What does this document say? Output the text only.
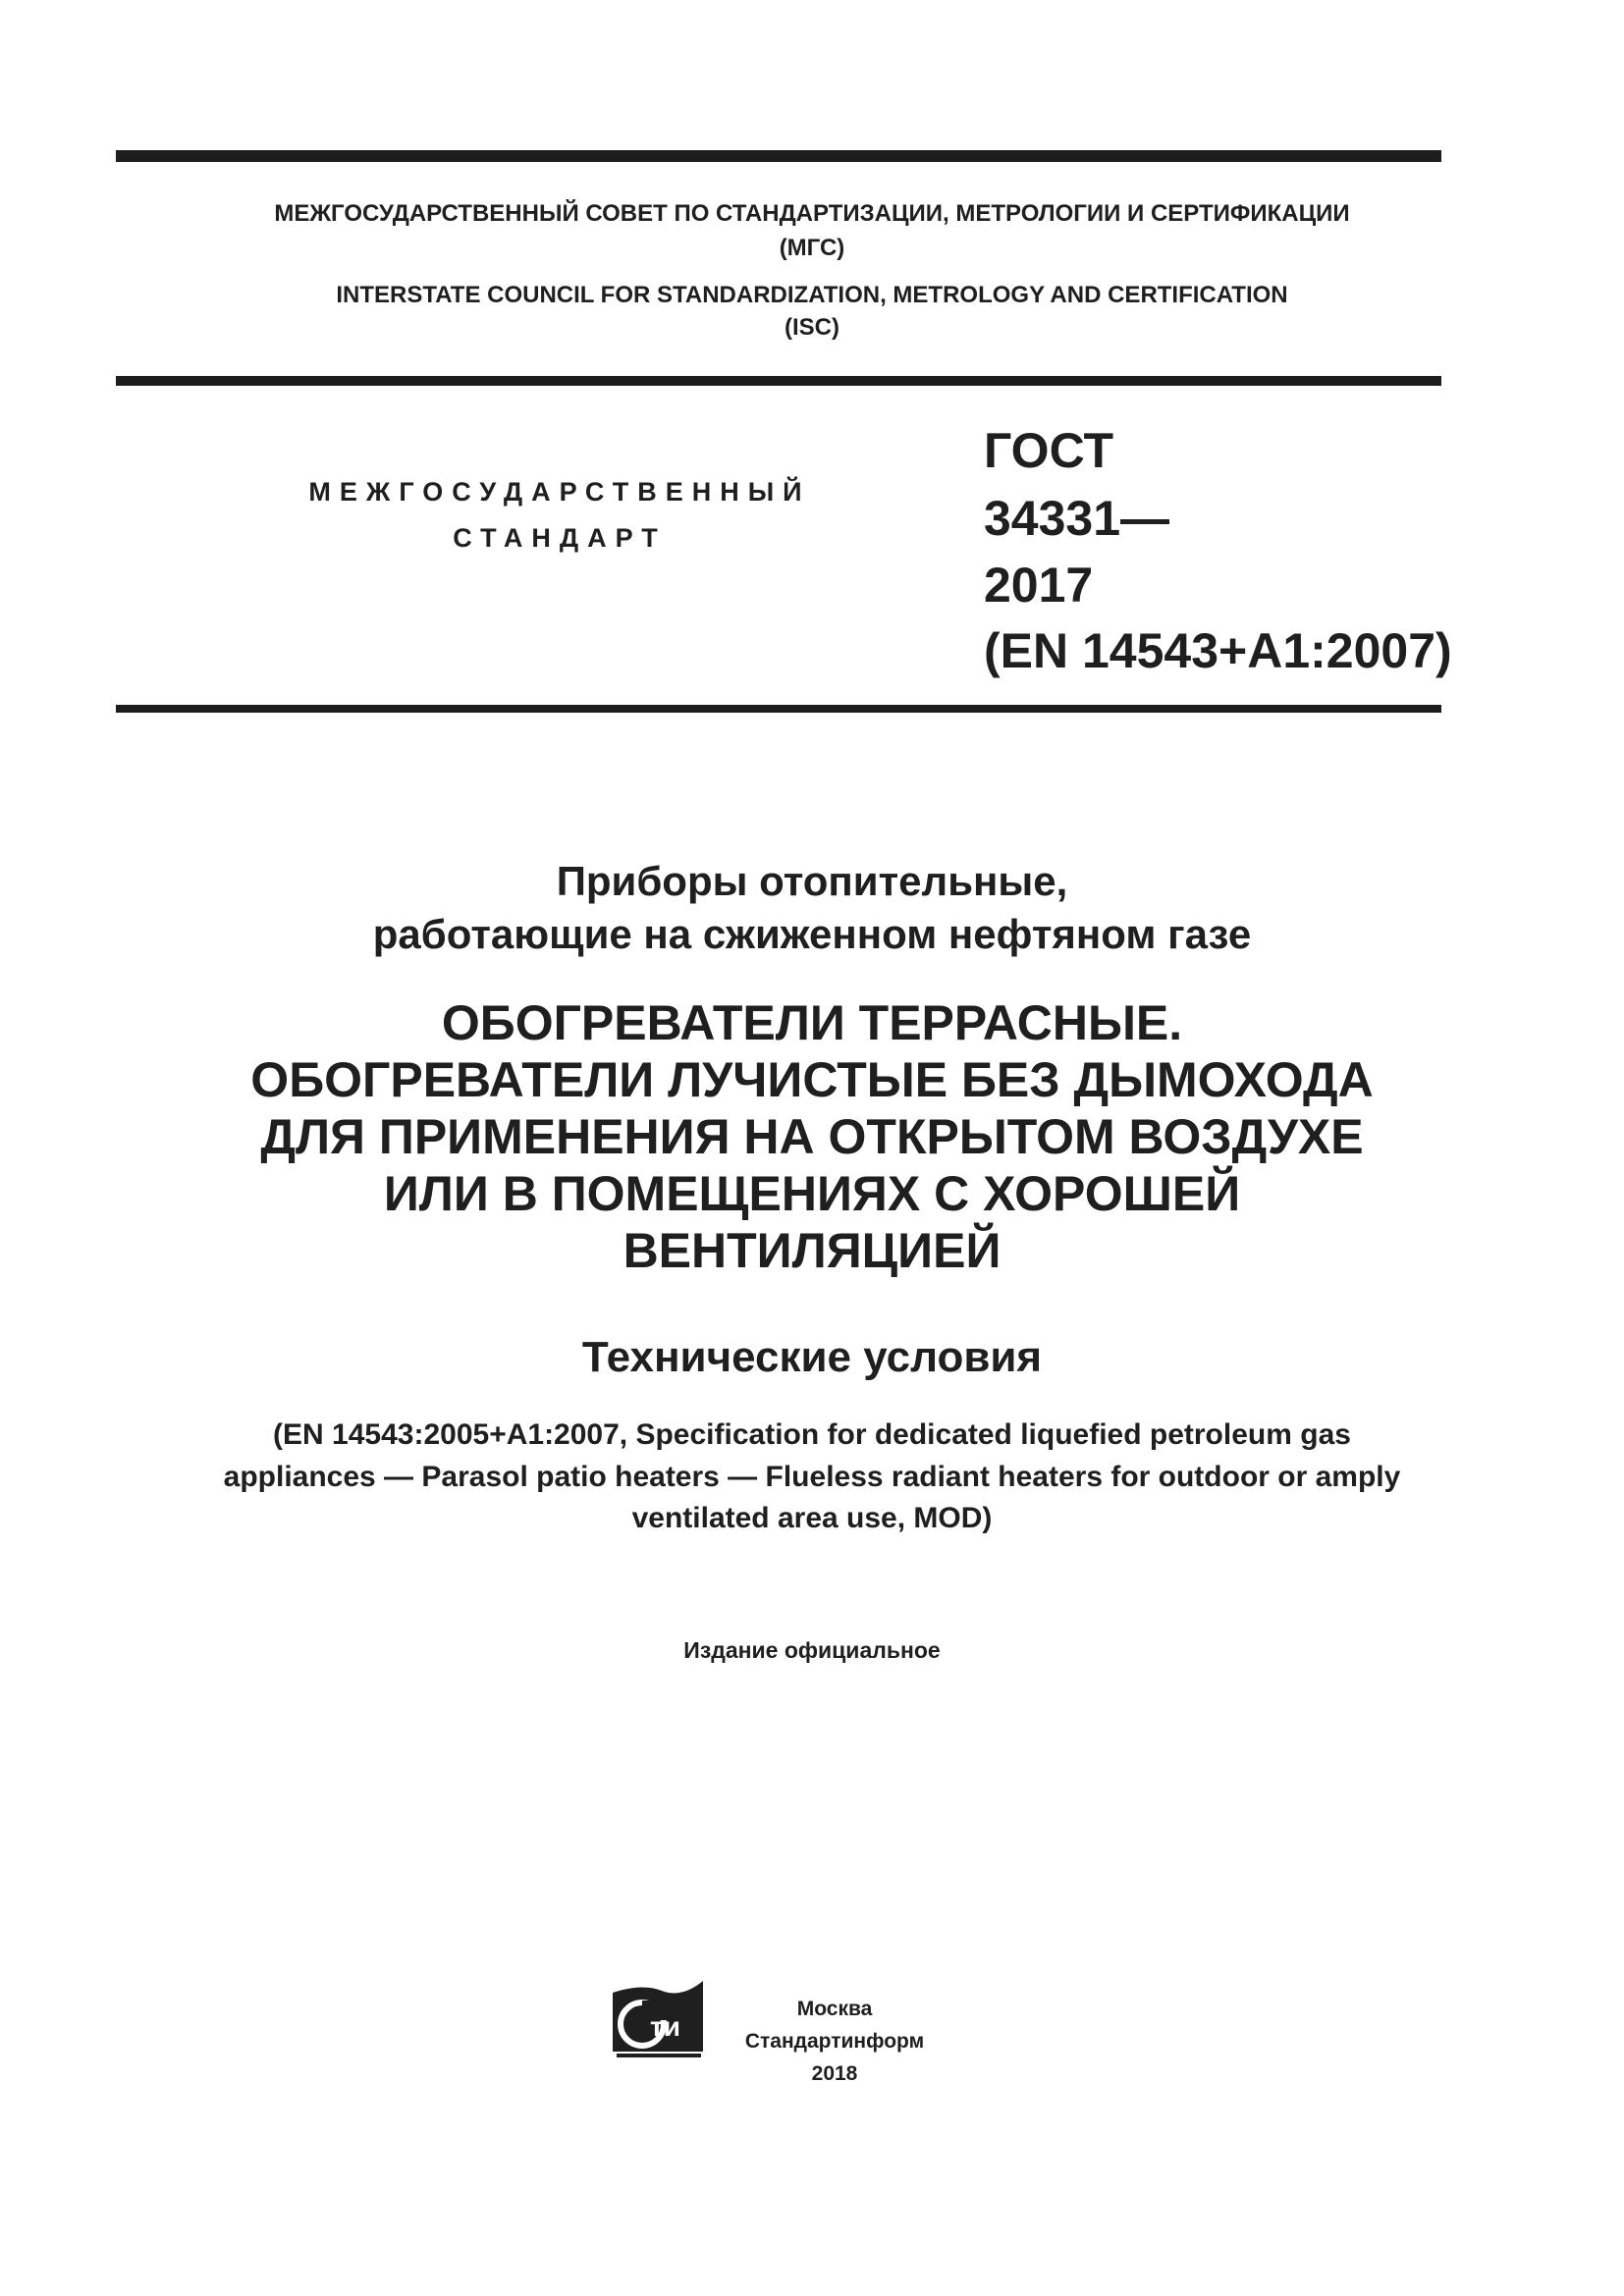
МЕЖГОСУДАРСТВЕННЫЙ СОВЕТ ПО СТАНДАРТИЗАЦИИ, МЕТРОЛОГИИ И СЕРТИФИКАЦИИ
(МГС)
INTERSTATE COUNCIL FOR STANDARDIZATION, METROLOGY AND CERTIFICATION
(ISC)
МЕЖГОСУДАРСТВЕННЫЙ
СТАНДАРТ
ГОСТ
34331—
2017
(EN 14543+A1:2007)
Приборы отопительные,
работающие на сжиженном нефтяном газе
ОБОГРЕВАТЕЛИ ТЕРРАСНЫЕ.
ОБОГРЕВАТЕЛИ ЛУЧИСТЫЕ БЕЗ ДЫМОХОДА
ДЛЯ ПРИМЕНЕНИЯ НА ОТКРЫТОМ ВОЗДУХЕ
ИЛИ В ПОМЕЩЕНИЯХ С ХОРОШЕЙ
ВЕНТИЛЯЦИЕЙ
Технические условия
(EN 14543:2005+A1:2007, Specification for dedicated liquefied petroleum gas
appliances — Parasol patio heaters — Flueless radiant heaters for outdoor or amply
ventilated area use, MOD)
Издание официальное
ти
Москва
Стандартинформ
2018
